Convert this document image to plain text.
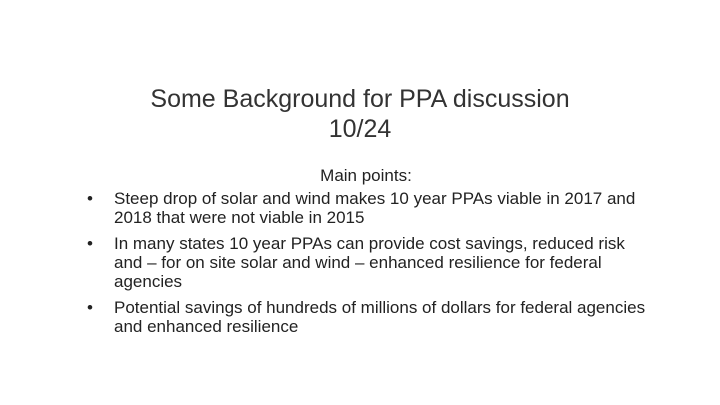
Some Background for PPA discussion
10/24
Main points:
• Steep drop of solar and wind makes 10 year PPAs viable in 2017 and 2018 that were not viable in 2015
• In many states 10 year PPAs can provide cost savings, reduced risk and – for on site solar and wind – enhanced resilience for federal agencies
• Potential savings of hundreds of millions of dollars for federal agencies and enhanced resilience
